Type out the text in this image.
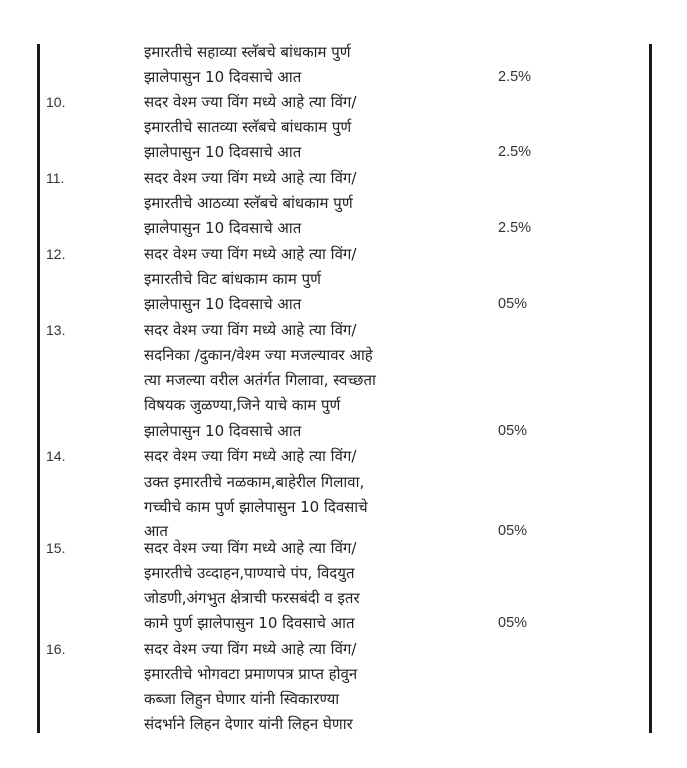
इमारतीचे सहाव्या स्लॅबचे बांधकाम पुर्ण
झालेपासुन 10 दिवसाचे आत	2.5%
10.	सदर वेश्म ज्या विंग मध्ये आहे त्या विंग/
इमारतीचे सातव्या स्लॅबचे बांधकाम पुर्ण
झालेपासुन 10 दिवसाचे आत	2.5%
11.	सदर वेश्म ज्या विंग मध्ये आहे त्या विंग/
इमारतीचे आठव्या स्लॅबचे बांधकाम पुर्ण
झालेपासुन 10 दिवसाचे आत	2.5%
12.	सदर वेश्म ज्या विंग मध्ये आहे त्या विंग/
इमारतीचे विट बांधकाम काम पुर्ण
झालेपासुन 10 दिवसाचे आत	05%
13.	सदर वेश्म ज्या विंग मध्ये आहे त्या विंग/
सदनिका /दुकान/वेश्म ज्या मजल्यावर आहे
त्या मजल्या वरील अतंर्गत गिलावा, स्वच्छता
विषयक जुळण्या,जिने याचे काम पुर्ण
झालेपासुन 10 दिवसाचे आत	05%
14.	सदर वेश्म ज्या विंग मध्ये आहे त्या विंग/
उक्त इमारतीचे नळकाम,बाहेरील गिलावा,
गच्चीचे काम पुर्ण झालेपासुन 10 दिवसाचे
आत	05%
15.	सदर वेश्म ज्या विंग मध्ये आहे त्या विंग/
इमारतीचे उव्दाहन,पाण्याचे पंप, विदयुत
जोडणी,अंगभुत क्षेत्राची फरसबंदी व इतर
कामे पुर्ण झालेपासुन 10 दिवसाचे आत	05%
16.	सदर वेश्म ज्या विंग मध्ये आहे त्या विंग/
इमारतीचे भोगवटा प्रमाणपत्र प्राप्त होवुन
कब्जा लिहुन घेणार यांनी स्विकारण्या
संदर्भाने लिहन देणार यांनी लिहन घेणार
